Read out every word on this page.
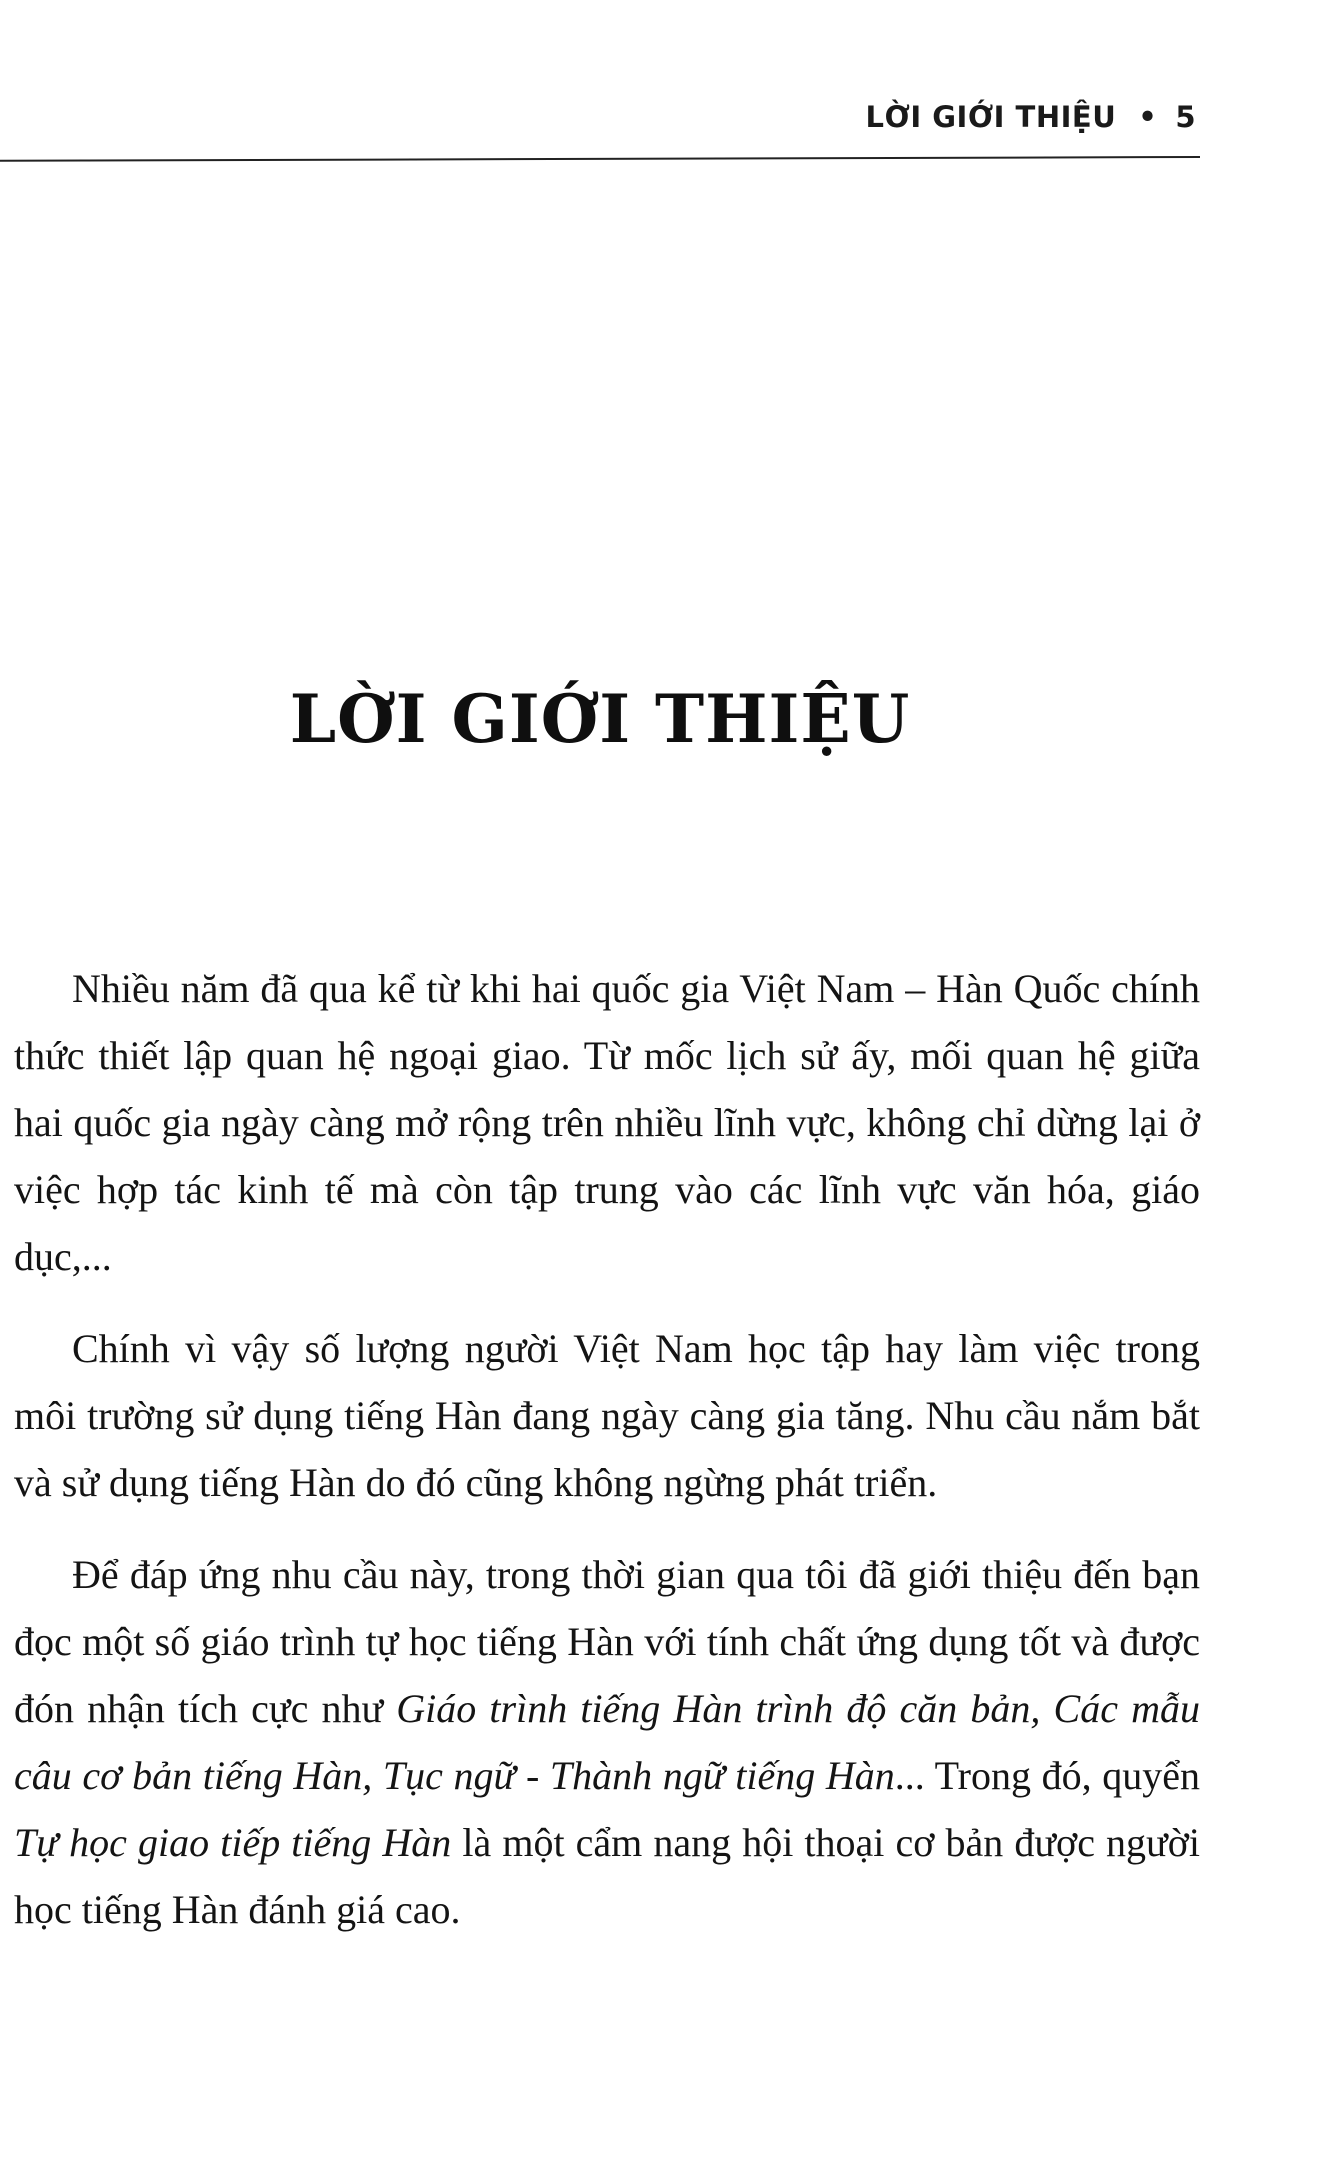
LỜI GIỚI THIỆU • 5
LỜI GIỚI THIỆU

Nhiều năm đã qua kể từ khi hai quốc gia Việt Nam – Hàn Quốc chính thức thiết lập quan hệ ngoại giao. Từ mốc lịch sử ấy, mối quan hệ giữa hai quốc gia ngày càng mở rộng trên nhiều lĩnh vực, không chỉ dừng lại ở việc hợp tác kinh tế mà còn tập trung vào các lĩnh vực văn hóa, giáo dục,...

Chính vì vậy số lượng người Việt Nam học tập hay làm việc trong môi trường sử dụng tiếng Hàn đang ngày càng gia tăng. Nhu cầu nắm bắt và sử dụng tiếng Hàn do đó cũng không ngừng phát triển.

Để đáp ứng nhu cầu này, trong thời gian qua tôi đã giới thiệu đến bạn đọc một số giáo trình tự học tiếng Hàn với tính chất ứng dụng tốt và được đón nhận tích cực như Giáo trình tiếng Hàn trình độ căn bản, Các mẫu câu cơ bản tiếng Hàn, Tục ngữ - Thành ngữ tiếng Hàn... Trong đó, quyển Tự học giao tiếp tiếng Hàn là một cẩm nang hội thoại cơ bản được người học tiếng Hàn đánh giá cao.
